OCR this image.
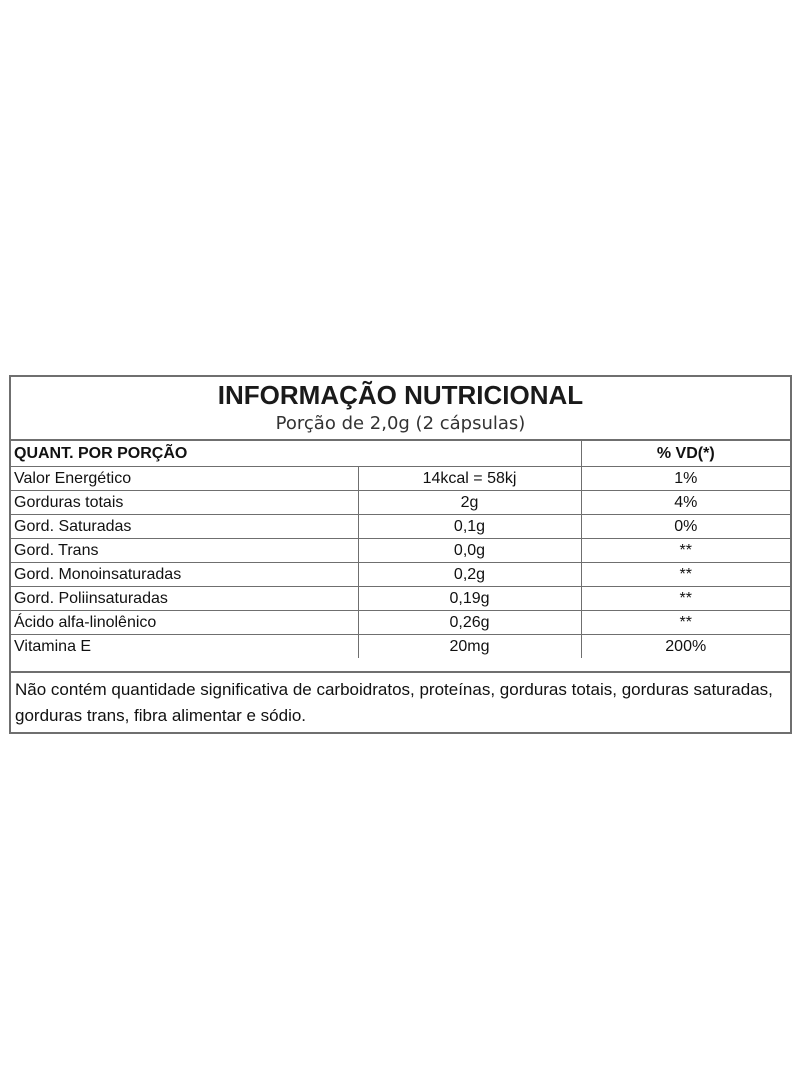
INFORMAÇÃO NUTRICIONAL
Porção de 2,0g (2 cápsulas)
QUANT. POR PORÇÃO		% VD(*)
Valor Energético	14kcal = 58kj	1%
Gorduras totais	2g	4%
Gord. Saturadas	0,1g	0%
Gord. Trans	0,0g	**
Gord. Monoinsaturadas	0,2g	**
Gord. Poliinsaturadas	0,19g	**
Ácido alfa-linolênico	0,26g	**
Vitamina E	20mg	200%
Não contém quantidade significativa de carboidratos, proteínas, gorduras totais, gorduras saturadas, gorduras trans, fibra alimentar e sódio.
